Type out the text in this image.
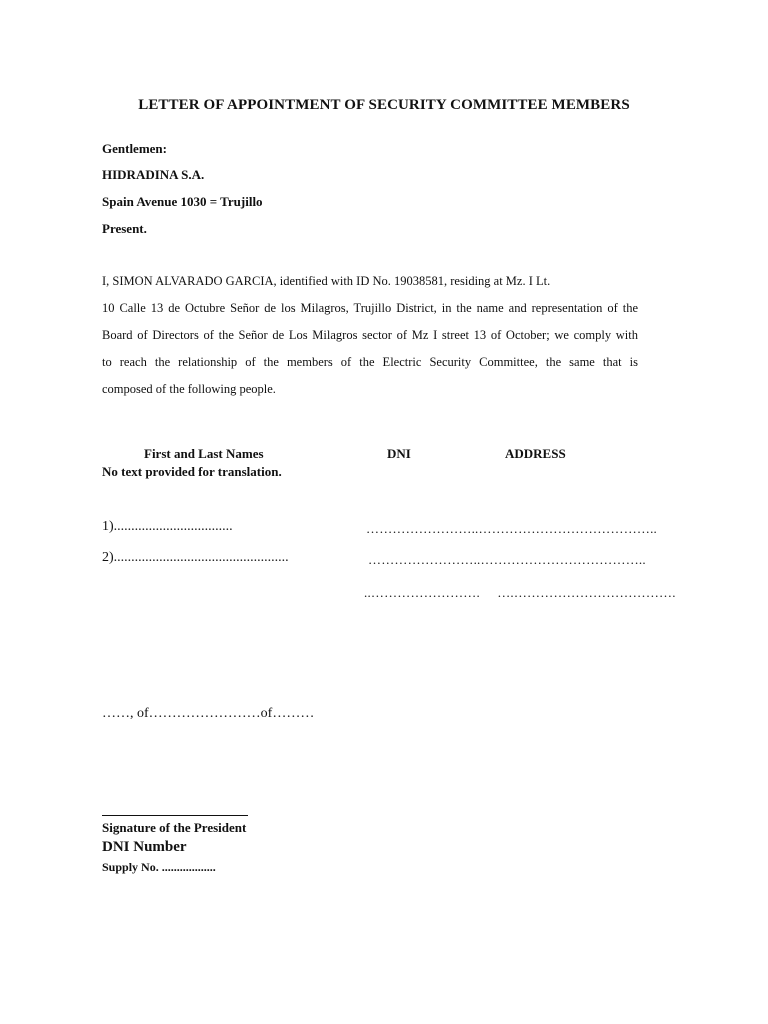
LETTER OF APPOINTMENT OF SECURITY COMMITTEE MEMBERS
Gentlemen:
HIDRADINA S.A.
Spain Avenue 1030 = Trujillo
Present.
I, SIMON ALVARADO GARCIA, identified with ID No. 19038581, residing at Mz. I Lt.
10 Calle 13 de Octubre Señor de los Milagros, Trujillo District, in the name and representation of the
Board of Directors of the Señor de Los Milagros sector of Mz I street 13 of October; we comply with
to reach the relationship of the members of the Electric Security Committee, the same that is
composed of the following people.
First and Last Names	DNI	ADDRESS
No text provided for translation.
1)..................................	……………………..…………………………………..
2)..................................................	……………………..………………………………..
..…………………….     ….……………………………….
……, of……………………of………
Signature of the President
DNI Number
Supply No. ..................
